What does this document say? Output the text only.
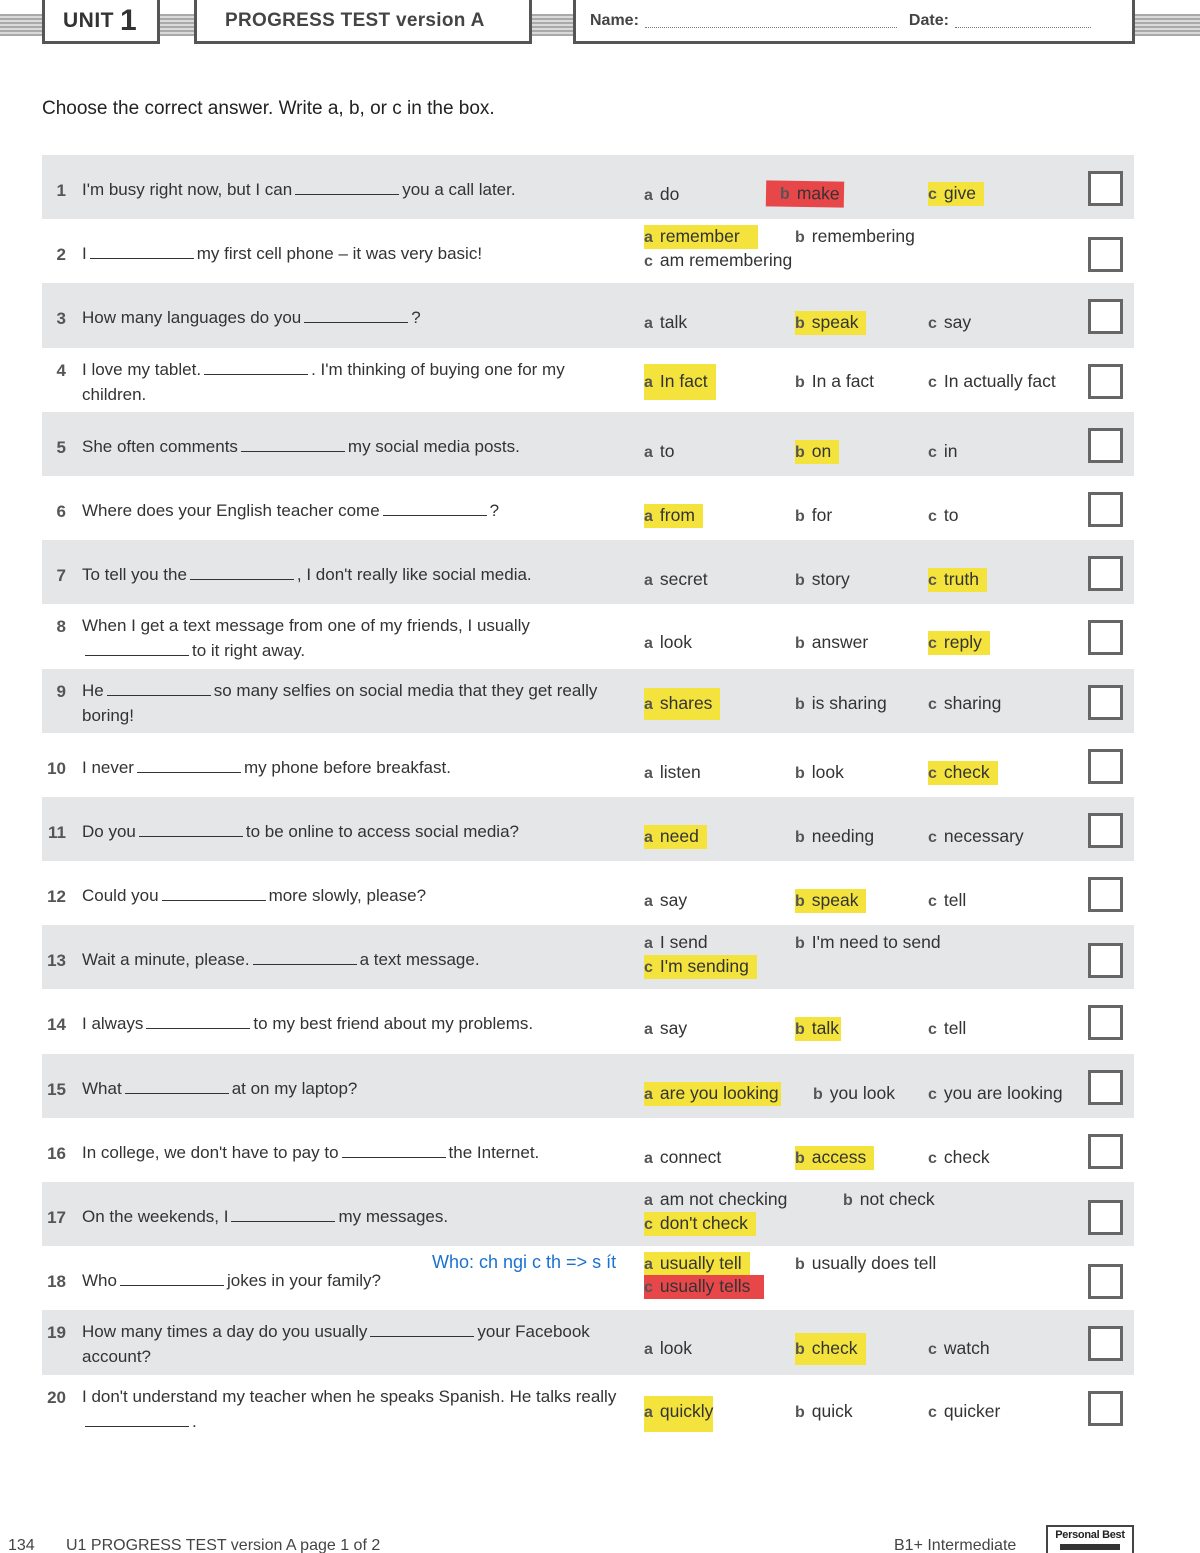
UNIT 1	PROGRESS TEST version A	Name:	Date:
Choose the correct answer. Write a, b, or c in the box.
1 I'm busy right now, but I can	you a call later.	a do	b make	c give
2 I	my first cell phone – it was very basic!
a remember	b remembering
c am remembering
3 How many languages do you	?	a talk	b speak	c say
4 I love my tablet.	. I'm thinking of buying one for my children.
a In fact	b In a fact	c In actually fact
5 She often comments	my social media posts.	a to	b on	c in
6 Where does your English teacher come	?	a from	b for	c to
7 To tell you the	, I don't really like social media.	a secret	b story	c truth
8 When I get a text message from one of my friends, I usuallyto it right away.	a look	b answer	c reply
9 He	so many selfies on social media that they get really boring!
a shares	b is sharing	c sharing
10 I never	my phone before breakfast.	a listen	b look	c check
11 Do you	to be online to access social media?	a need	b needing	c necessary
12 Could you	more slowly, please?	a say	b speak	c tell
13 Wait a minute, please.	a text message.
a I send	b I'm need to send
c I'm sending
14 I always	to my best friend about my problems.	a say	b talk	c tell
15 What	at on my laptop?	a are you looking b you look c you are looking
16 In college, we don't have to pay to	the Internet.	a connect	b access	c check
17 On the weekends, I	my messages.
a am not checking	b not check
c don't check
18 Who	jokes in your family?
Who: ch ngi c th => s ít a usually tell	b usually does tell
c usually tells
19 How many times a day do you usually	your Facebook account?	a look	b check	c watch
20 I don't understand my teacher when he speaks Spanish. He talks really.	a quickly	b quick	c quicker
134 U1 PROGRESS TEST version A page 1 of 2	B1+ Intermediate
Personal Best
